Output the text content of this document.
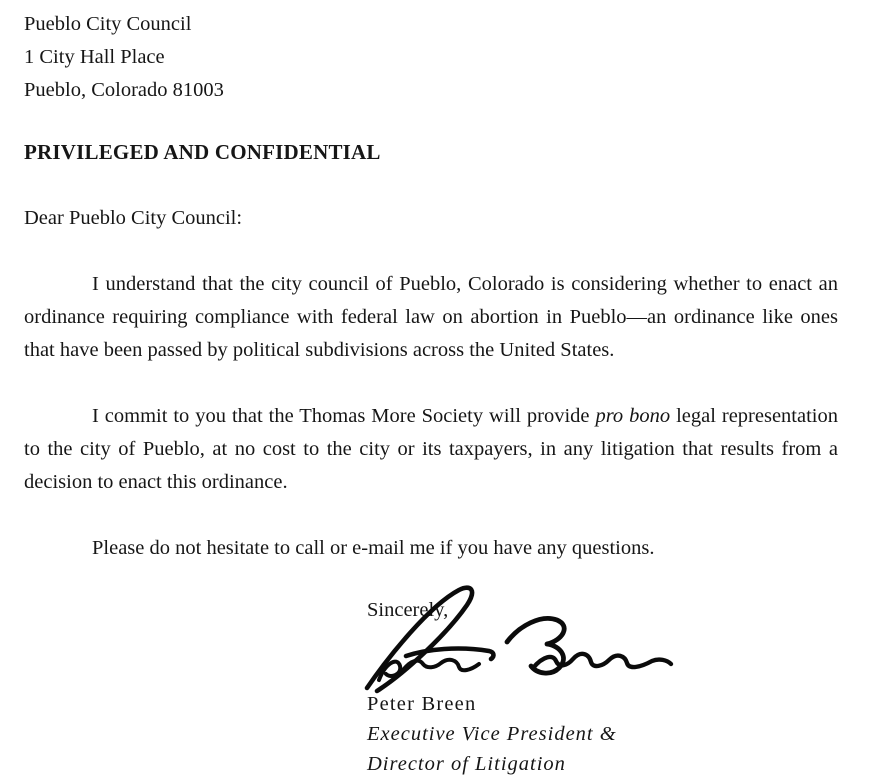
Pueblo City Council
1 City Hall Place
Pueblo, Colorado 81003
PRIVILEGED AND CONFIDENTIAL
Dear Pueblo City Council:

I understand that the city council of Pueblo, Colorado is considering whether to enact an ordinance requiring compliance with federal law on abortion in Pueblo—an ordinance like ones that have been passed by political subdivisions across the United States.

I commit to you that the Thomas More Society will provide pro bono legal representation to the city of Pueblo, at no cost to the city or its taxpayers, in any litigation that results from a decision to enact this ordinance.

Please do not hesitate to call or e-mail me if you have any questions.

Sincerely,
Peter Breen
Executive Vice President &
Director of Litigation
